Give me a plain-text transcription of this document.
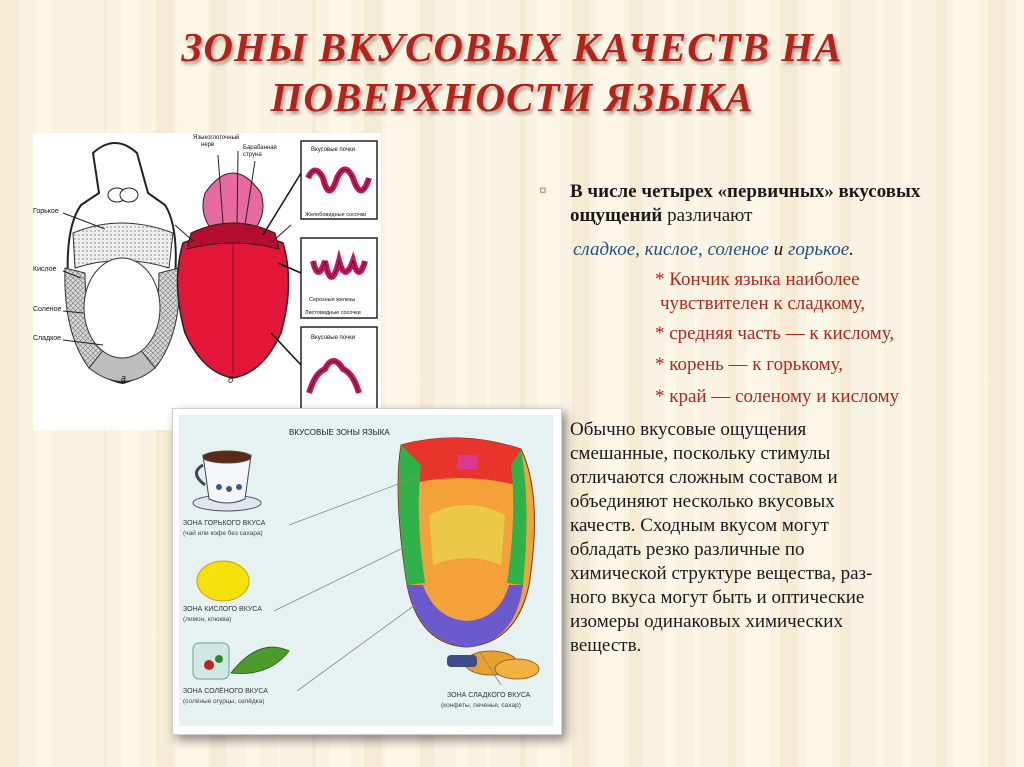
ЗОНЫ ВКУСОВЫХ КАЧЕСТВ НА
ПОВЕРХНОСТИ ЯЗЫКА
Горькое
Кислое
Соленое
Сладкое
а
Языкоглоточный
нерв	Барабанная
струна
б
Вкусовые почки
Желобовидные сосочки
Серозные железы
Листовидные сосочки
Вкусовые почки
ВКУСОВЫЕ ЗОНЫ ЯЗЫКА
ЗОНА ГОРЬКОГО ВКУСА
(чай или кофе без сахара)
ЗОНА КИСЛОГО ВКУСА
(лимон, клюква)
ЗОНА СОЛЁНОГО ВКУСА
(солёные огурцы, селёдка)
ЗОНА СЛАДКОГО ВКУСА
(конфеты, печенье, сахар)
¤ В числе четырех «первичных» вкусовых ощущений различают

сладкое, кислое, соленое и горькое.

* Кончик языка наиболее

чувствителен к сладкому,

* средняя часть — к кислому,

* корень — к горькому,

* край — соленому и кислому

Обычно вкусовые ощущения
смешанные, поскольку стимулы
отличаются сложным составом и
объединяют несколько вкусовых
качеств. Сходным вкусом могут
обладать резко различные по
химической структуре вещества, раз-
ного вкуса могут быть и оптические
изомеры одинаковых химических
веществ.
